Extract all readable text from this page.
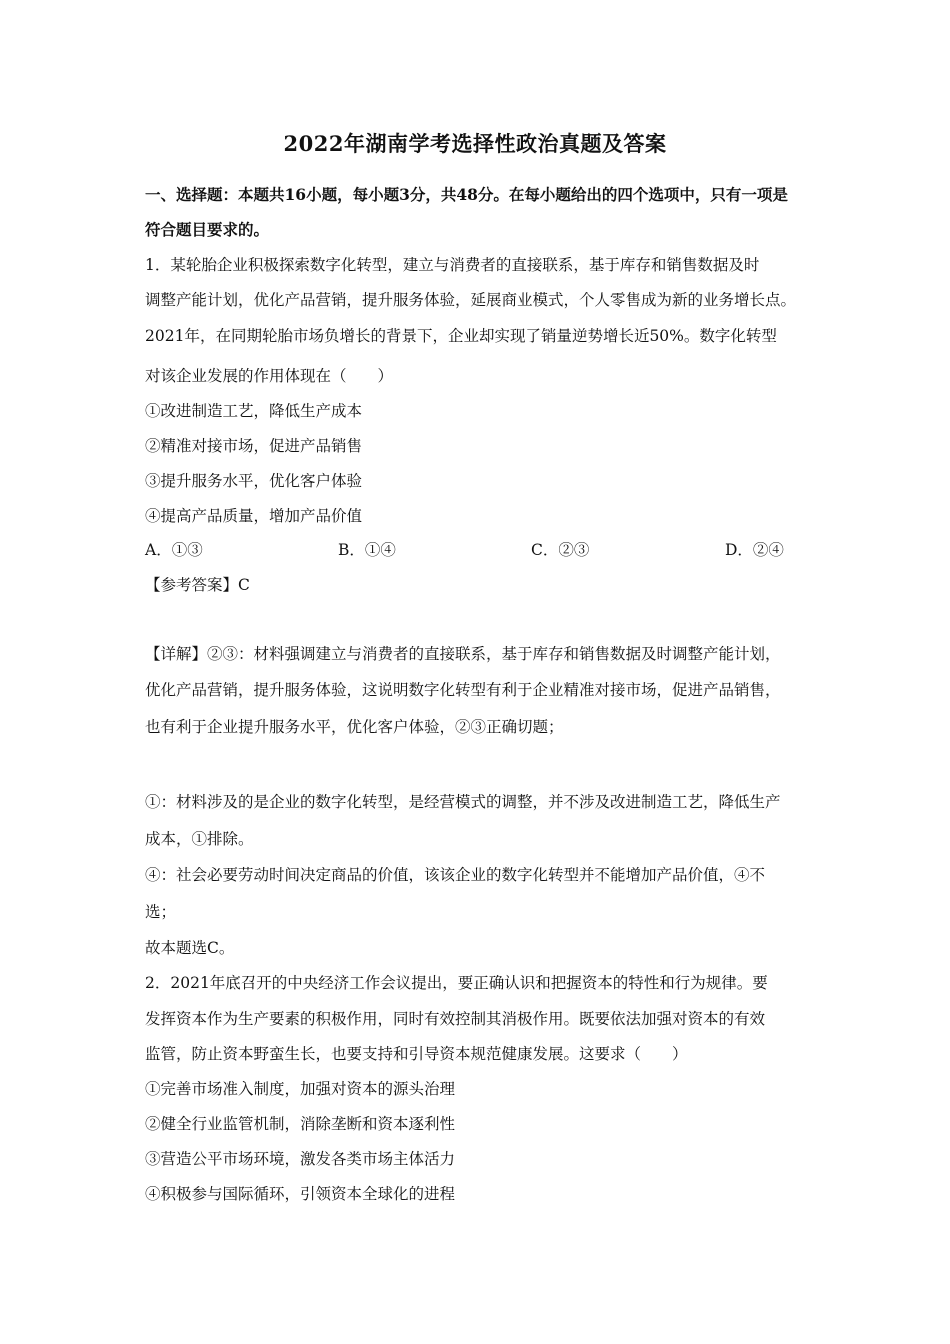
2022年湖南学考选择性政治真题及答案
一、选择题：本题共16小题，每小题3分，共48分。在每小题给出的四个选项中，只有一项是
符合题目要求的。
1．某轮胎企业积极探索数字化转型，建立与消费者的直接联系，基于库存和销售数据及时
调整产能计划，优化产品营销，提升服务体验，延展商业模式，个人零售成为新的业务增长点。
2021年，在同期轮胎市场负增长的背景下，企业却实现了销量逆势增长近50%。数字化转型
对该企业发展的作用体现在（　　）
①改进制造工艺，降低生产成本
②精准对接市场，促进产品销售
③提升服务水平，优化客户体验
④提高产品质量，增加产品价值
A．①③	B．①④	C．②③	D．②④
【参考答案】C
【详解】②③：材料强调建立与消费者的直接联系，基于库存和销售数据及时调整产能计划，
优化产品营销，提升服务体验，这说明数字化转型有利于企业精准对接市场，促进产品销售，
也有利于企业提升服务水平，优化客户体验，②③正确切题；
①：材料涉及的是企业的数字化转型，是经营模式的调整，并不涉及改进制造工艺，降低生产
成本，①排除。
④：社会必要劳动时间决定商品的价值，该该企业的数字化转型并不能增加产品价值，④不
选；
故本题选C。
2．2021年底召开的中央经济工作会议提出，要正确认识和把握资本的特性和行为规律。要
发挥资本作为生产要素的积极作用，同时有效控制其消极作用。既要依法加强对资本的有效
监管，防止资本野蛮生长，也要支持和引导资本规范健康发展。这要求（　　）
①完善市场准入制度，加强对资本的源头治理
②健全行业监管机制，消除垄断和资本逐利性
③营造公平市场环境，激发各类市场主体活力
④积极参与国际循环，引领资本全球化的进程
